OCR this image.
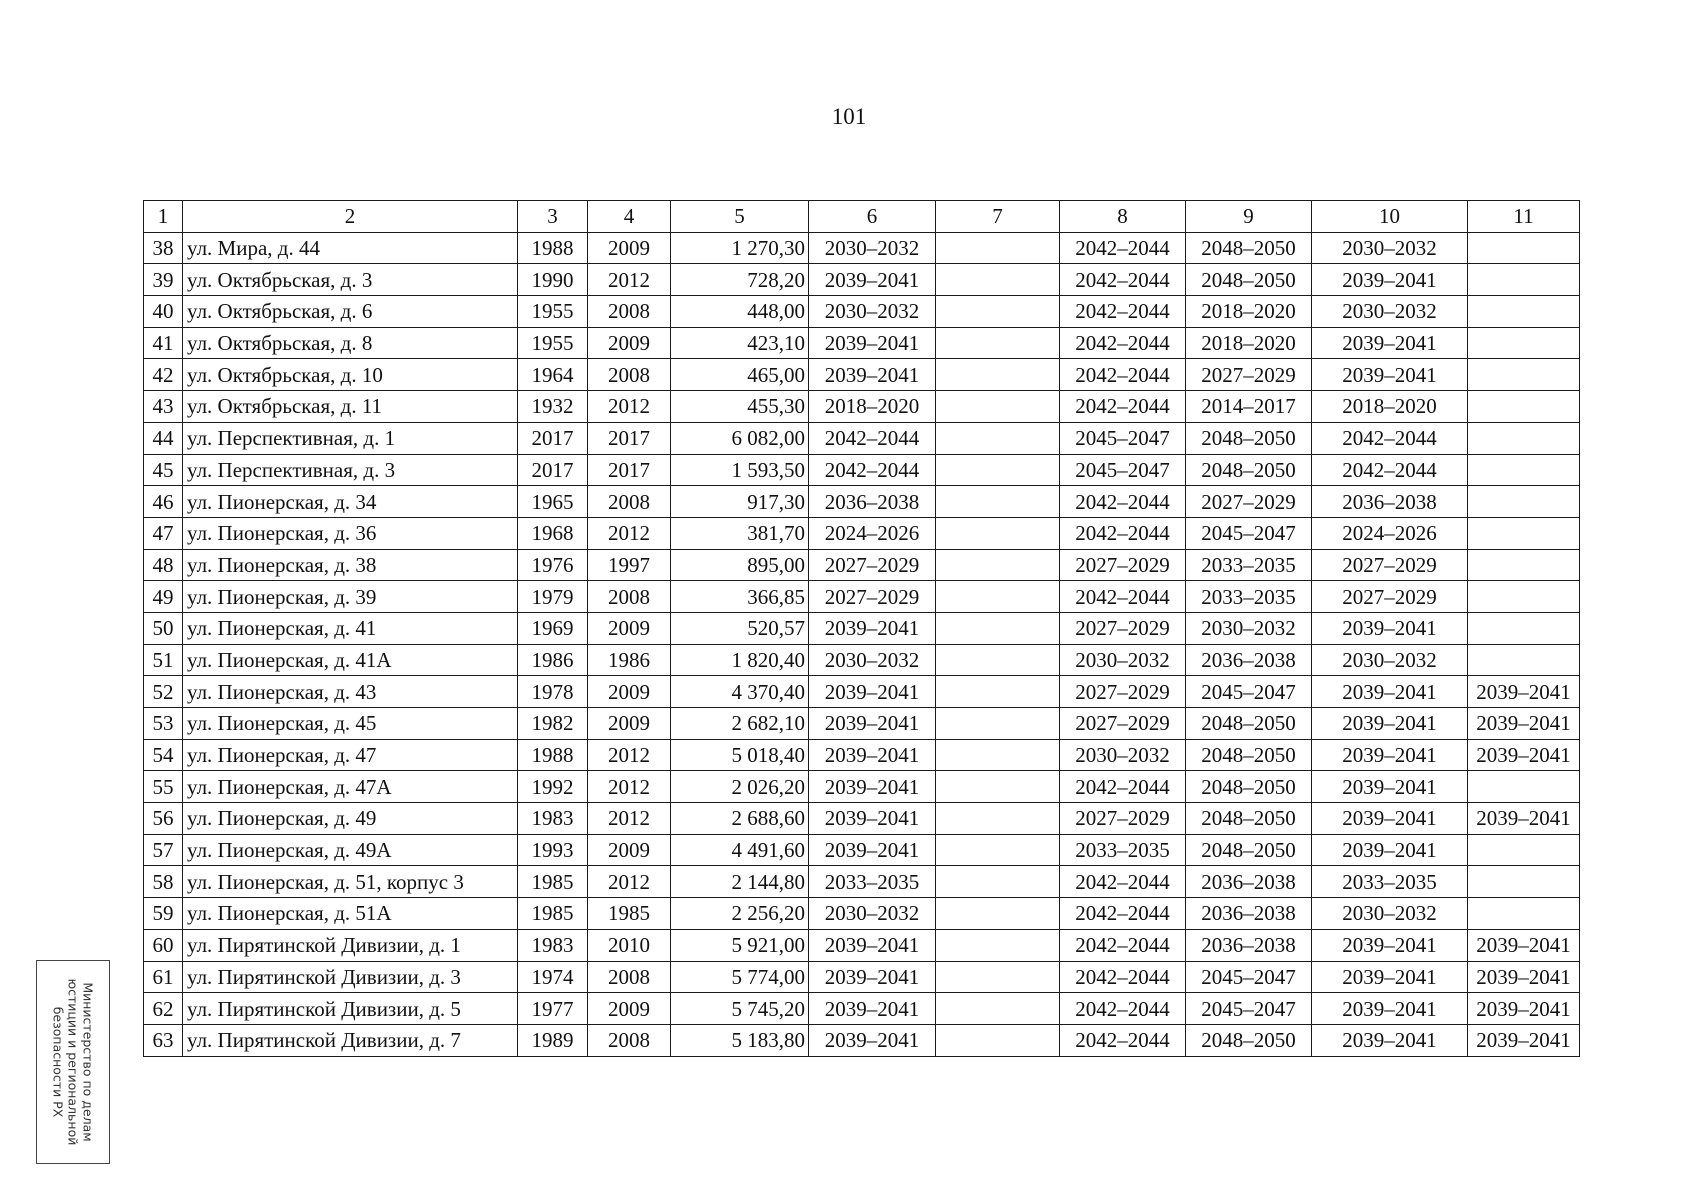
101
1	2	3	4	5	6	7	8	9	10	11
38	ул. Мира, д. 44	1988	2009	1 270,30	2030–2032		2042–2044	2048–2050	2030–2032	
39	ул. Октябрьская, д. 3	1990	2012	728,20	2039–2041		2042–2044	2048–2050	2039–2041	
40	ул. Октябрьская, д. 6	1955	2008	448,00	2030–2032		2042–2044	2018–2020	2030–2032	
41	ул. Октябрьская, д. 8	1955	2009	423,10	2039–2041		2042–2044	2018–2020	2039–2041	
42	ул. Октябрьская, д. 10	1964	2008	465,00	2039–2041		2042–2044	2027–2029	2039–2041	
43	ул. Октябрьская, д. 11	1932	2012	455,30	2018–2020		2042–2044	2014–2017	2018–2020	
44	ул. Перспективная, д. 1	2017	2017	6 082,00	2042–2044		2045–2047	2048–2050	2042–2044	
45	ул. Перспективная, д. 3	2017	2017	1 593,50	2042–2044		2045–2047	2048–2050	2042–2044	
46	ул. Пионерская, д. 34	1965	2008	917,30	2036–2038		2042–2044	2027–2029	2036–2038	
47	ул. Пионерская, д. 36	1968	2012	381,70	2024–2026		2042–2044	2045–2047	2024–2026	
48	ул. Пионерская, д. 38	1976	1997	895,00	2027–2029		2027–2029	2033–2035	2027–2029	
49	ул. Пионерская, д. 39	1979	2008	366,85	2027–2029		2042–2044	2033–2035	2027–2029	
50	ул. Пионерская, д. 41	1969	2009	520,57	2039–2041		2027–2029	2030–2032	2039–2041	
51	ул. Пионерская, д. 41А	1986	1986	1 820,40	2030–2032		2030–2032	2036–2038	2030–2032	
52	ул. Пионерская, д. 43	1978	2009	4 370,40	2039–2041		2027–2029	2045–2047	2039–2041	2039–2041
53	ул. Пионерская, д. 45	1982	2009	2 682,10	2039–2041		2027–2029	2048–2050	2039–2041	2039–2041
54	ул. Пионерская, д. 47	1988	2012	5 018,40	2039–2041		2030–2032	2048–2050	2039–2041	2039–2041
55	ул. Пионерская, д. 47А	1992	2012	2 026,20	2039–2041		2042–2044	2048–2050	2039–2041	
56	ул. Пионерская, д. 49	1983	2012	2 688,60	2039–2041		2027–2029	2048–2050	2039–2041	2039–2041
57	ул. Пионерская, д. 49А	1993	2009	4 491,60	2039–2041		2033–2035	2048–2050	2039–2041	
58	ул. Пионерская, д. 51, корпус 3	1985	2012	2 144,80	2033–2035		2042–2044	2036–2038	2033–2035	
59	ул. Пионерская, д. 51А	1985	1985	2 256,20	2030–2032		2042–2044	2036–2038	2030–2032	
60	ул. Пирятинской Дивизии, д. 1	1983	2010	5 921,00	2039–2041		2042–2044	2036–2038	2039–2041	2039–2041
61	ул. Пирятинской Дивизии, д. 3	1974	2008	5 774,00	2039–2041		2042–2044	2045–2047	2039–2041	2039–2041
62	ул. Пирятинской Дивизии, д. 5	1977	2009	5 745,20	2039–2041		2042–2044	2045–2047	2039–2041	2039–2041
63	ул. Пирятинской Дивизии, д. 7	1989	2008	5 183,80	2039–2041		2042–2044	2048–2050	2039–2041	2039–2041
Министерство по делам
юстиции и региональной
безопасности РХ
